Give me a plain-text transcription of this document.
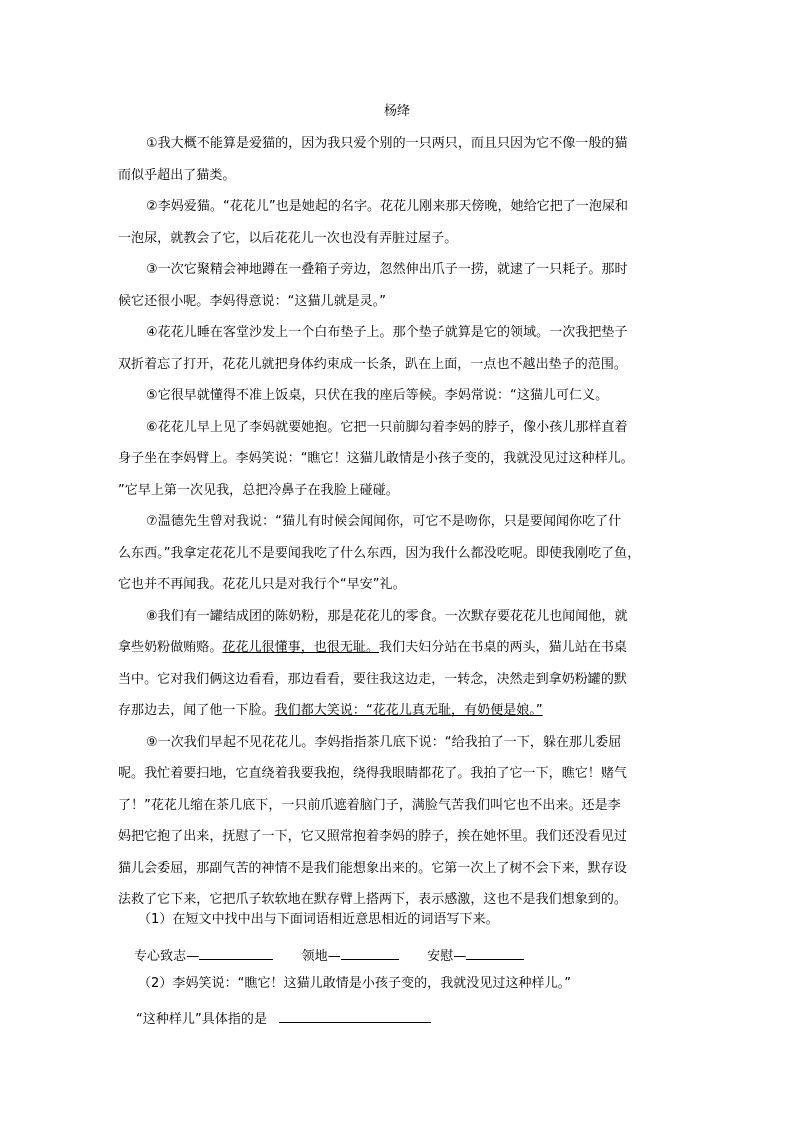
杨绛
①我大概不能算是爱猫的，因为我只爱个别的一只两只，而且只因为它不像一般的猫
而似乎超出了猫类。
②李妈爱猫。“花花儿”也是她起的名字。花花儿刚来那天傍晚，她给它把了一泡屎和
一泡尿，就教会了它，以后花花儿一次也没有弄脏过屋子。
③一次它聚精会神地蹲在一叠箱子旁边，忽然伸出爪子一捞，就逮了一只耗子。那时
候它还很小呢。李妈得意说：“这猫儿就是灵。”
④花花儿睡在客堂沙发上一个白布垫子上。那个垫子就算是它的领域。一次我把垫子
双折着忘了打开，花花儿就把身体约束成一长条，趴在上面，一点也不越出垫子的范围。
⑤它很早就懂得不准上饭桌，只伏在我的座后等候。李妈常说：“这猫儿可仁义。
⑥花花儿早上见了李妈就要她抱。它把一只前脚勾着李妈的脖子，像小孩儿那样直着
身子坐在李妈臂上。李妈笑说：“瞧它！这猫儿敢情是小孩子变的，我就没见过这种样儿。
”它早上第一次见我，总把冷鼻子在我脸上碰碰。
⑦温德先生曾对我说：“猫儿有时候会闻闻你，可它不是吻你，只是要闻闻你吃了什
么东西。”我拿定花花儿不是要闻我吃了什么东西，因为我什么都没吃呢。即使我刚吃了鱼，
它也并不再闻我。花花儿只是对我行个“早安”礼。
⑧我们有一罐结成团的陈奶粉，那是花花儿的零食。一次默存要花花儿也闻闻他，就
拿些奶粉做贿赂。花花儿很懂事，也很无耻。我们夫妇分站在书桌的两头，猫儿站在书桌
当中。它对我们俩这边看看，那边看看，要往我这边走，一转念，决然走到拿奶粉罐的默
存那边去，闻了他一下脸。我们都大笑说：“花花儿真无耻，有奶便是娘。”
⑨一次我们早起不见花花儿。李妈指指茶几底下说：“给我拍了一下，躲在那儿委屈
呢。我忙着要扫地，它直绕着我要我抱，绕得我眼睛都花了。我拍了它一下，瞧它！赌气
了！”花花儿缩在茶几底下，一只前爪遮着脑门子，满脸气苦我们叫它也不出来。还是李
妈把它抱了出来，抚慰了一下，它又照常抱着李妈的脖子，挨在她怀里。我们还没看见过
猫儿会委屈，那副气苦的神情不是我们能想象出来的。它第一次上了树不会下来，默存设
法救了它下来，它把爪子软软地在默存臂上搭两下，表示感激，这也不是我们想象到的。
（1）在短文中找中出与下面词语相近意思相近的词语写下来。
专心致志—	领地—	安慰—
（2）李妈笑说：“瞧它！这猫儿敢情是小孩子变的，我就没见过这种样儿。”
“这种样儿”具体指的是
